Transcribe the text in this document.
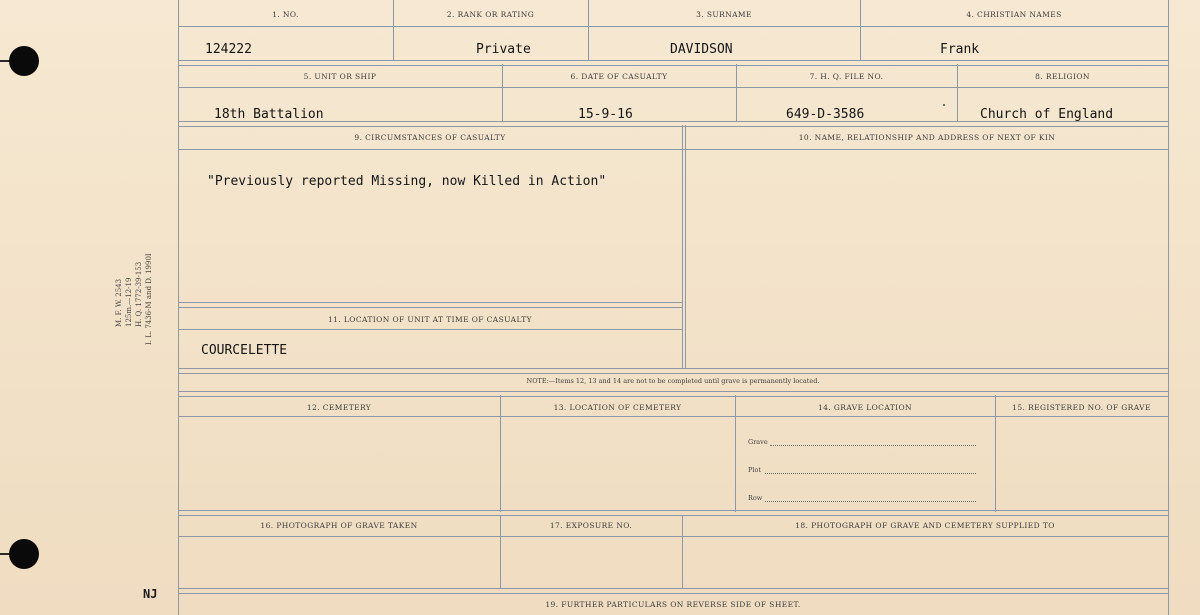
M. F. W. 2543 125m.—12-19 H. Q. 1772-39-153 I. L. 7436-M and D. 1990I
NJ
1. NO.	2. RANK OR RATING	3. SURNAME	4. CHRISTIAN NAMES
124222	Private	DAVIDSON	Frank
5. UNIT OR SHIP	6. DATE OF CASUALTY	7. H. Q. FILE NO.	8. RELIGION
18th Battalion	15-9-16	649-D-3586	Church of England
9. CIRCUMSTANCES OF CASUALTY	10. NAME, RELATIONSHIP AND ADDRESS OF NEXT OF KIN
"Previously reported Missing, now Killed in Action"
11. LOCATION OF UNIT AT TIME OF CASUALTY
COURCELETTE
NOTE:—Items 12, 13 and 14 are not to be completed until grave is permanently located.
12. CEMETERY	13. LOCATION OF CEMETERY	14. GRAVE LOCATION	15. REGISTERED NO. OF GRAVE
Grave
Plot
Row
16. PHOTOGRAPH OF GRAVE TAKEN	17. EXPOSURE NO.	18. PHOTOGRAPH OF GRAVE AND CEMETERY SUPPLIED TO
19. FURTHER PARTICULARS ON REVERSE SIDE OF SHEET.
